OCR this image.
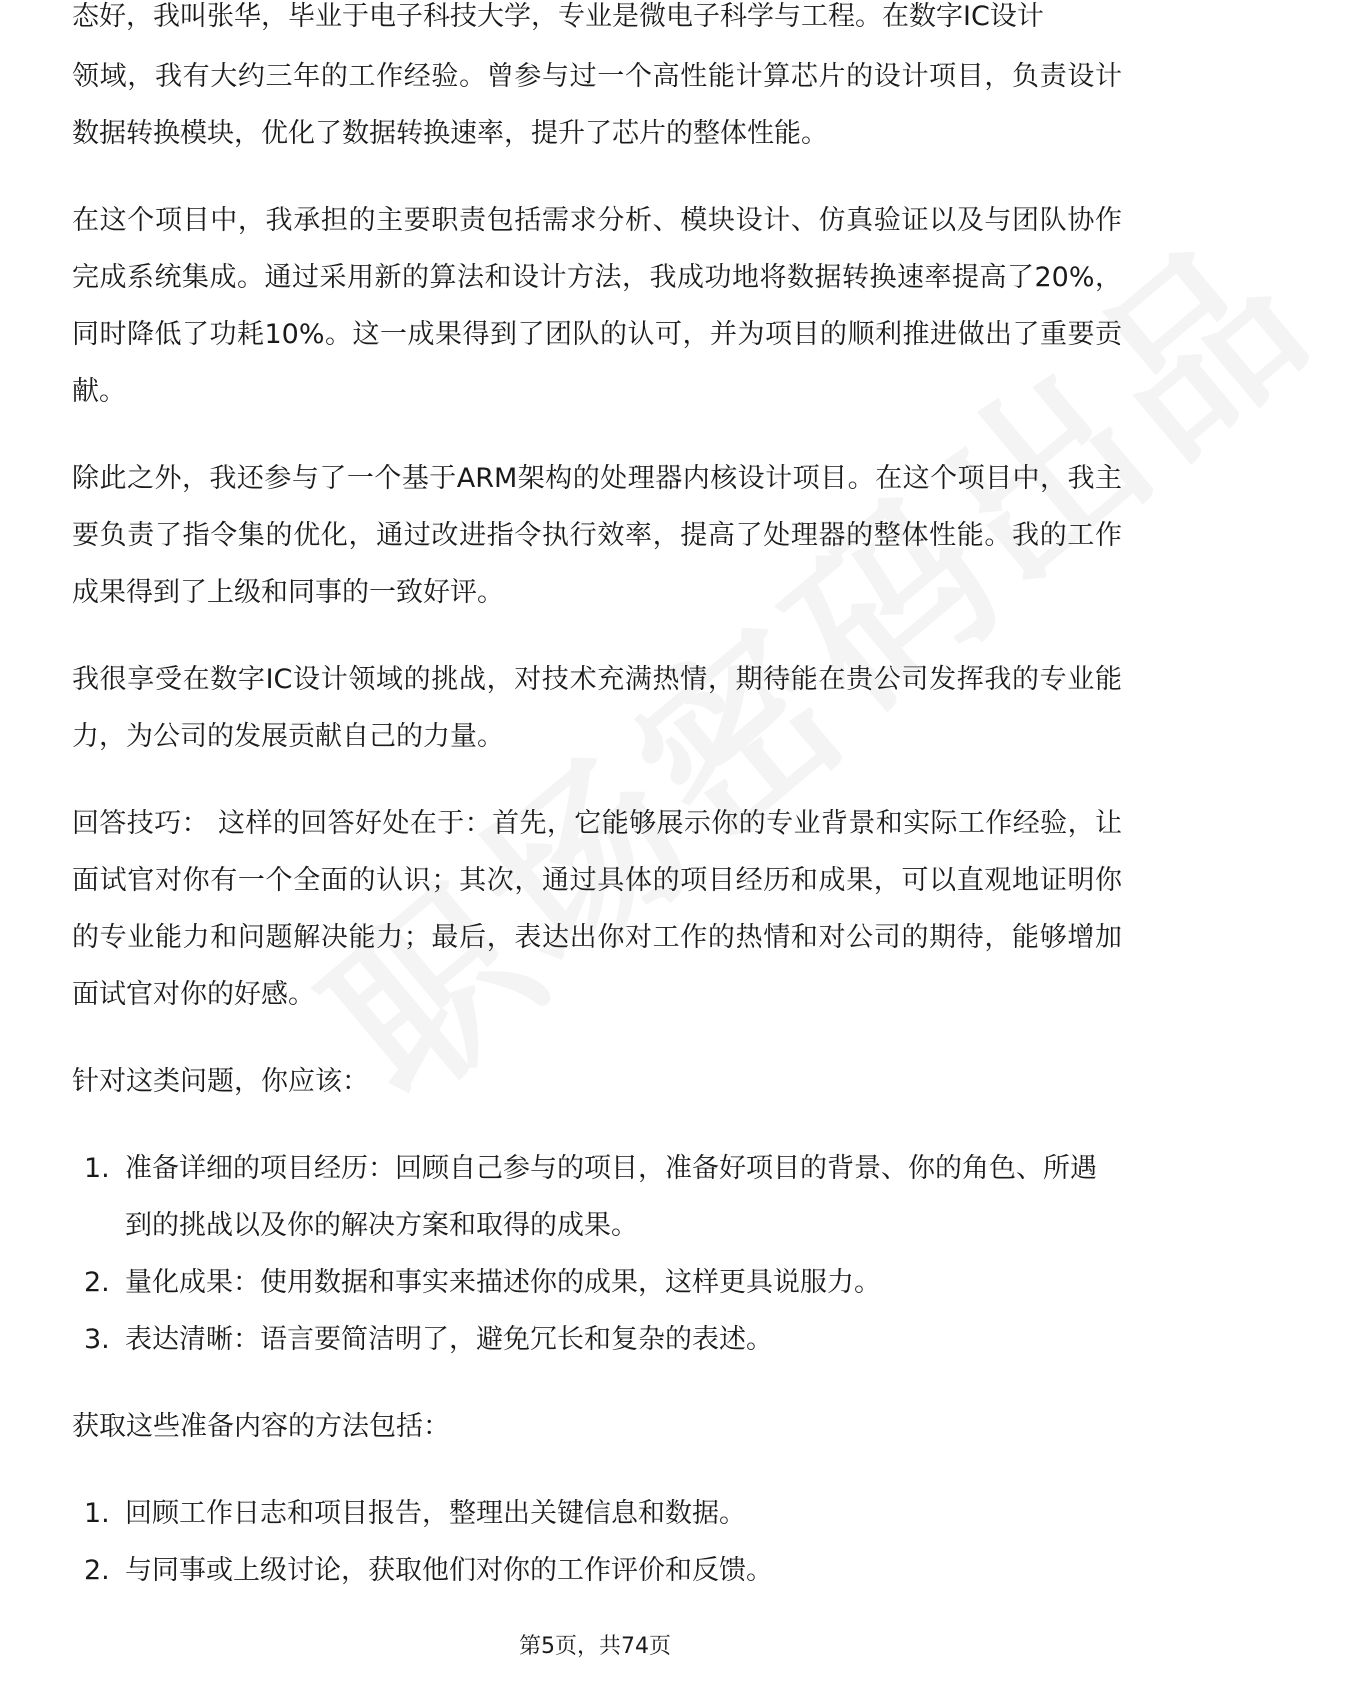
态好，我叫张华，毕业于电子科技大学，专业是微电子科学与工程。在数字IC设计

领域，我有大约三年的工作经验。曾参与过一个高性能计算芯片的设计项目，负责设计数据转换模块，优化了数据转换速率，提升了芯片的整体性能。

在这个项目中，我承担的主要职责包括需求分析、模块设计、仿真验证以及与团队协作完成系统集成。通过采用新的算法和设计方法，我成功地将数据转换速率提高了20%，同时降低了功耗10%。这一成果得到了团队的认可，并为项目的顺利推进做出了重要贡献。

除此之外，我还参与了一个基于ARM架构的处理器内核设计项目。在这个项目中，我主要负责了指令集的优化，通过改进指令执行效率，提高了处理器的整体性能。我的工作成果得到了上级和同事的一致好评。

我很享受在数字IC设计领域的挑战，对技术充满热情，期待能在贵公司发挥我的专业能力，为公司的发展贡献自己的力量。

回答技巧： 这样的回答好处在于：首先，它能够展示你的专业背景和实际工作经验，让面试官对你有一个全面的认识；其次，通过具体的项目经历和成果，可以直观地证明你的专业能力和问题解决能力；最后，表达出你对工作的热情和对公司的期待，能够增加面试官对你的好感。

针对这类问题，你应该：

1. 准备详细的项目经历：回顾自己参与的项目，准备好项目的背景、你的角色、所遇到的挑战以及你的解决方案和取得的成果。
2. 量化成果：使用数据和事实来描述你的成果，这样更具说服力。
3. 表达清晰：语言要简洁明了，避免冗长和复杂的表述。

获取这些准备内容的方法包括：

1. 回顾工作日志和项目报告，整理出关键信息和数据。
2. 与同事或上级讨论，获取他们对你的工作评价和反馈。
第5页，共74页
